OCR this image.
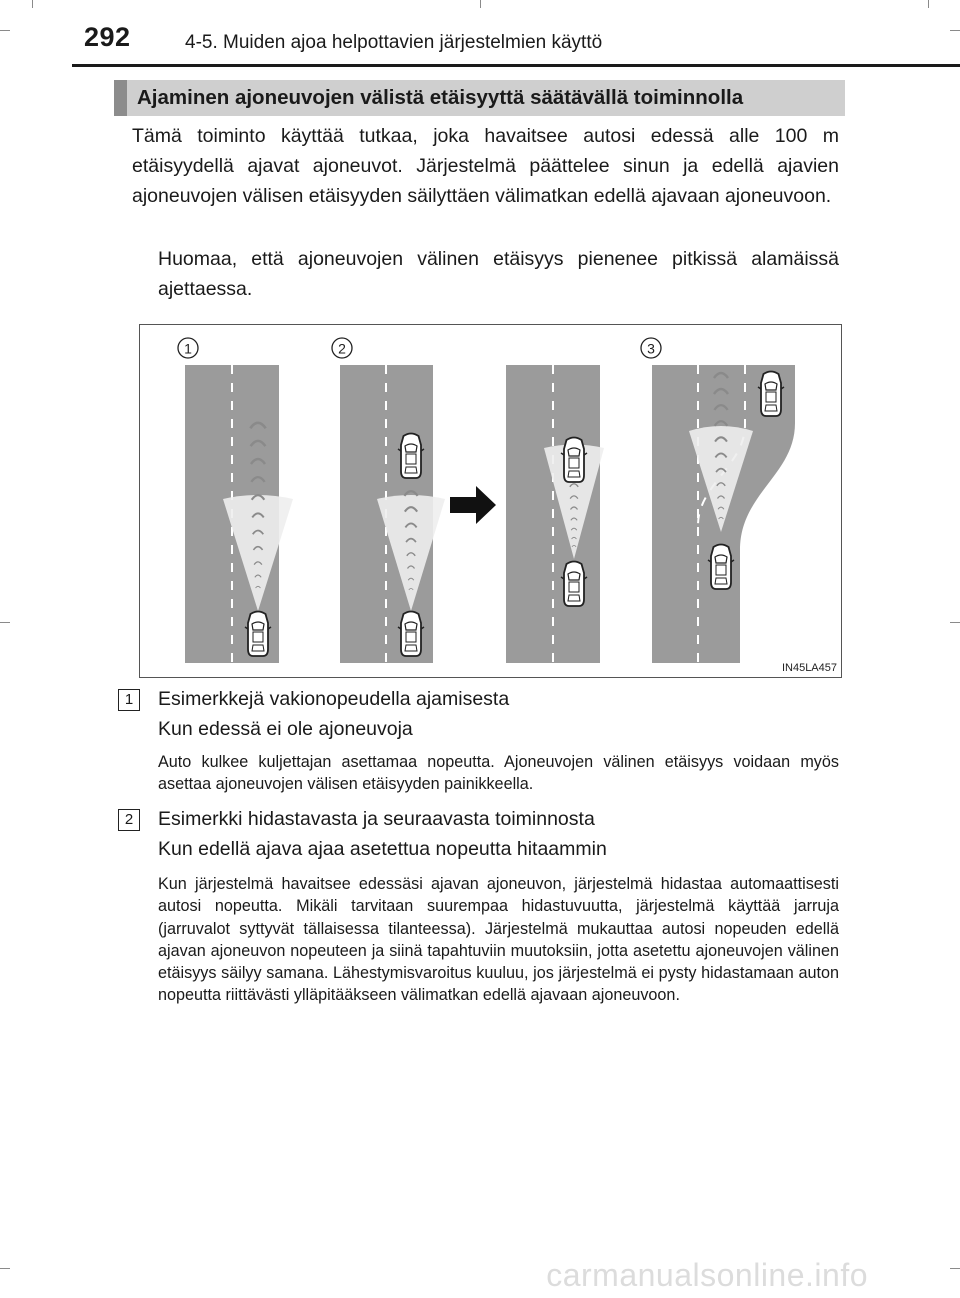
292	4-5. Muiden ajoa helpottavien järjestelmien käyttö
Ajaminen ajoneuvojen välistä etäisyyttä säätävällä toiminnolla

Tämä toiminto käyttää tutkaa, joka havaitsee autosi edessä alle 100 m etäisyydellä ajavat ajoneuvot. Järjestelmä päättelee sinun ja edellä ajavien ajoneuvojen välisen etäisyyden säilyttäen välimatkan edellä ajavaan ajoneuvoon.

Huomaa, että ajoneuvojen välinen etäisyys pienenee pitkissä alamäissä ajettaessa.

1	2	3
IN45LA457
1	Esimerkkejä vakionopeudella ajamisesta
Kun edessä ei ole ajoneuvoja

Auto kulkee kuljettajan asettamaa nopeutta. Ajoneuvojen välinen etäisyys voidaan myös asettaa ajoneuvojen välisen etäisyyden painikkeella.

2	Esimerkki hidastavasta ja seuraavasta toiminnosta
Kun edellä ajava ajaa asetettua nopeutta hitaammin

Kun järjestelmä havaitsee edessäsi ajavan ajoneuvon, järjestelmä hidastaa automaattisesti autosi nopeutta. Mikäli tarvitaan suurempaa hidastuvuutta, järjestelmä käyttää jarruja (jarruvalot syttyvät tällaisessa tilanteessa). Järjestelmä mukauttaa autosi nopeuden edellä ajavan ajoneuvon nopeuteen ja siinä tapahtuviin muutoksiin, jotta asetettu ajoneuvojen välinen etäisyys säilyy samana. Lähestymisvaroitus kuuluu, jos järjestelmä ei pysty hidastamaan auton nopeutta riittävästi ylläpitääkseen välimatkan edellä ajavaan ajoneuvoon.

carmanualsonline.info
